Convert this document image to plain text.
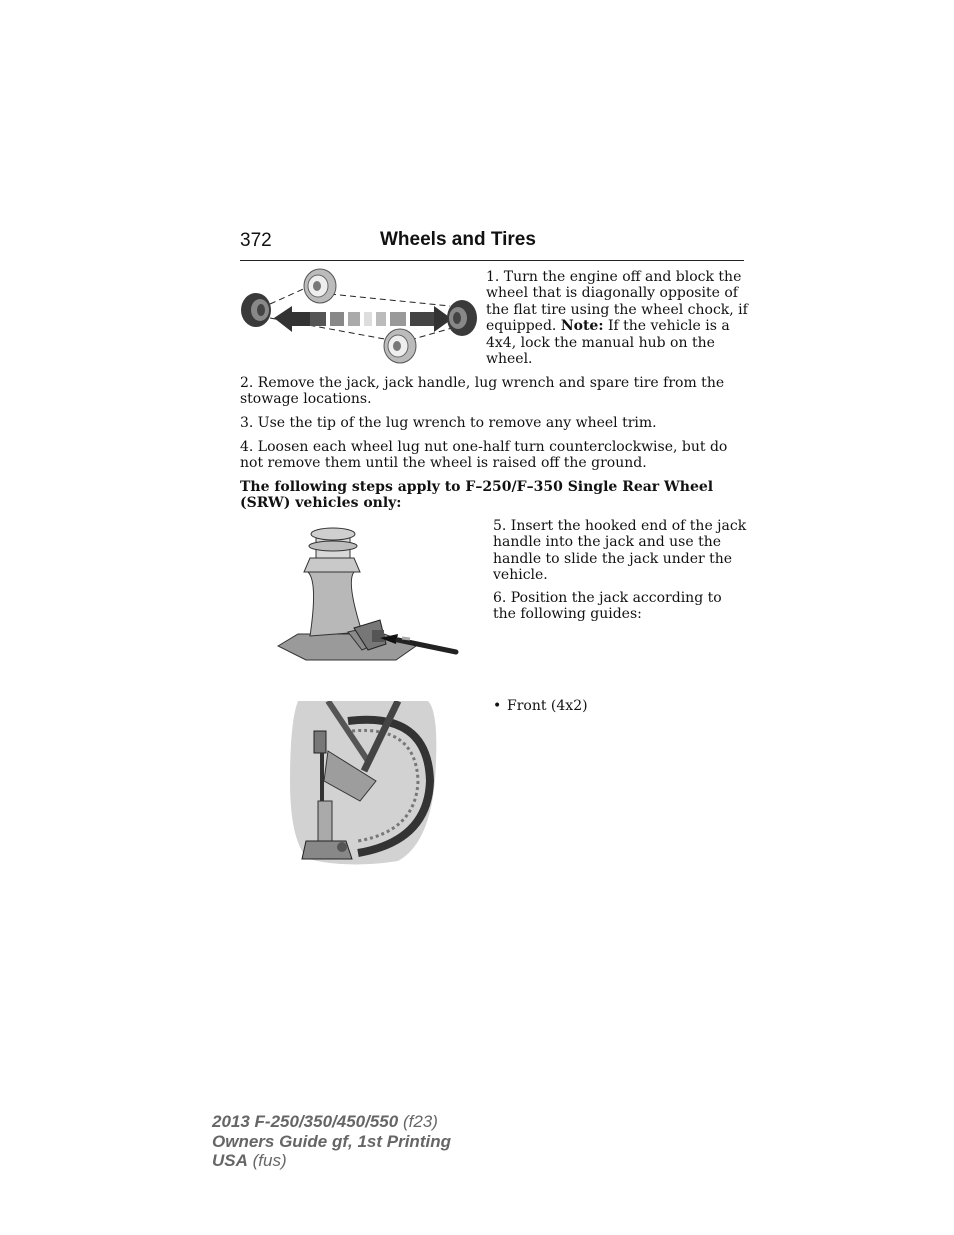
372	Wheels and Tires

1. Turn the engine off and block the wheel that is diagonally opposite of the flat tire using the wheel chock, if equipped. Note: If the vehicle is a 4x4, lock the manual hub on the wheel.

2. Remove the jack, jack handle, lug wrench and spare tire from the stowage locations.

3. Use the tip of the lug wrench to remove any wheel trim.

4. Loosen each wheel lug nut one-half turn counterclockwise, but do not remove them until the wheel is raised off the ground.

The following steps apply to F–250/F–350 Single Rear Wheel (SRW) vehicles only:

5. Insert the hooked end of the jack handle into the jack and use the handle to slide the jack under the vehicle.

6. Position the jack according to the following guides:

• Front (4x2)
2013 F-250/350/450/550 (f23)
Owners Guide gf, 1st Printing
USA (fus)
